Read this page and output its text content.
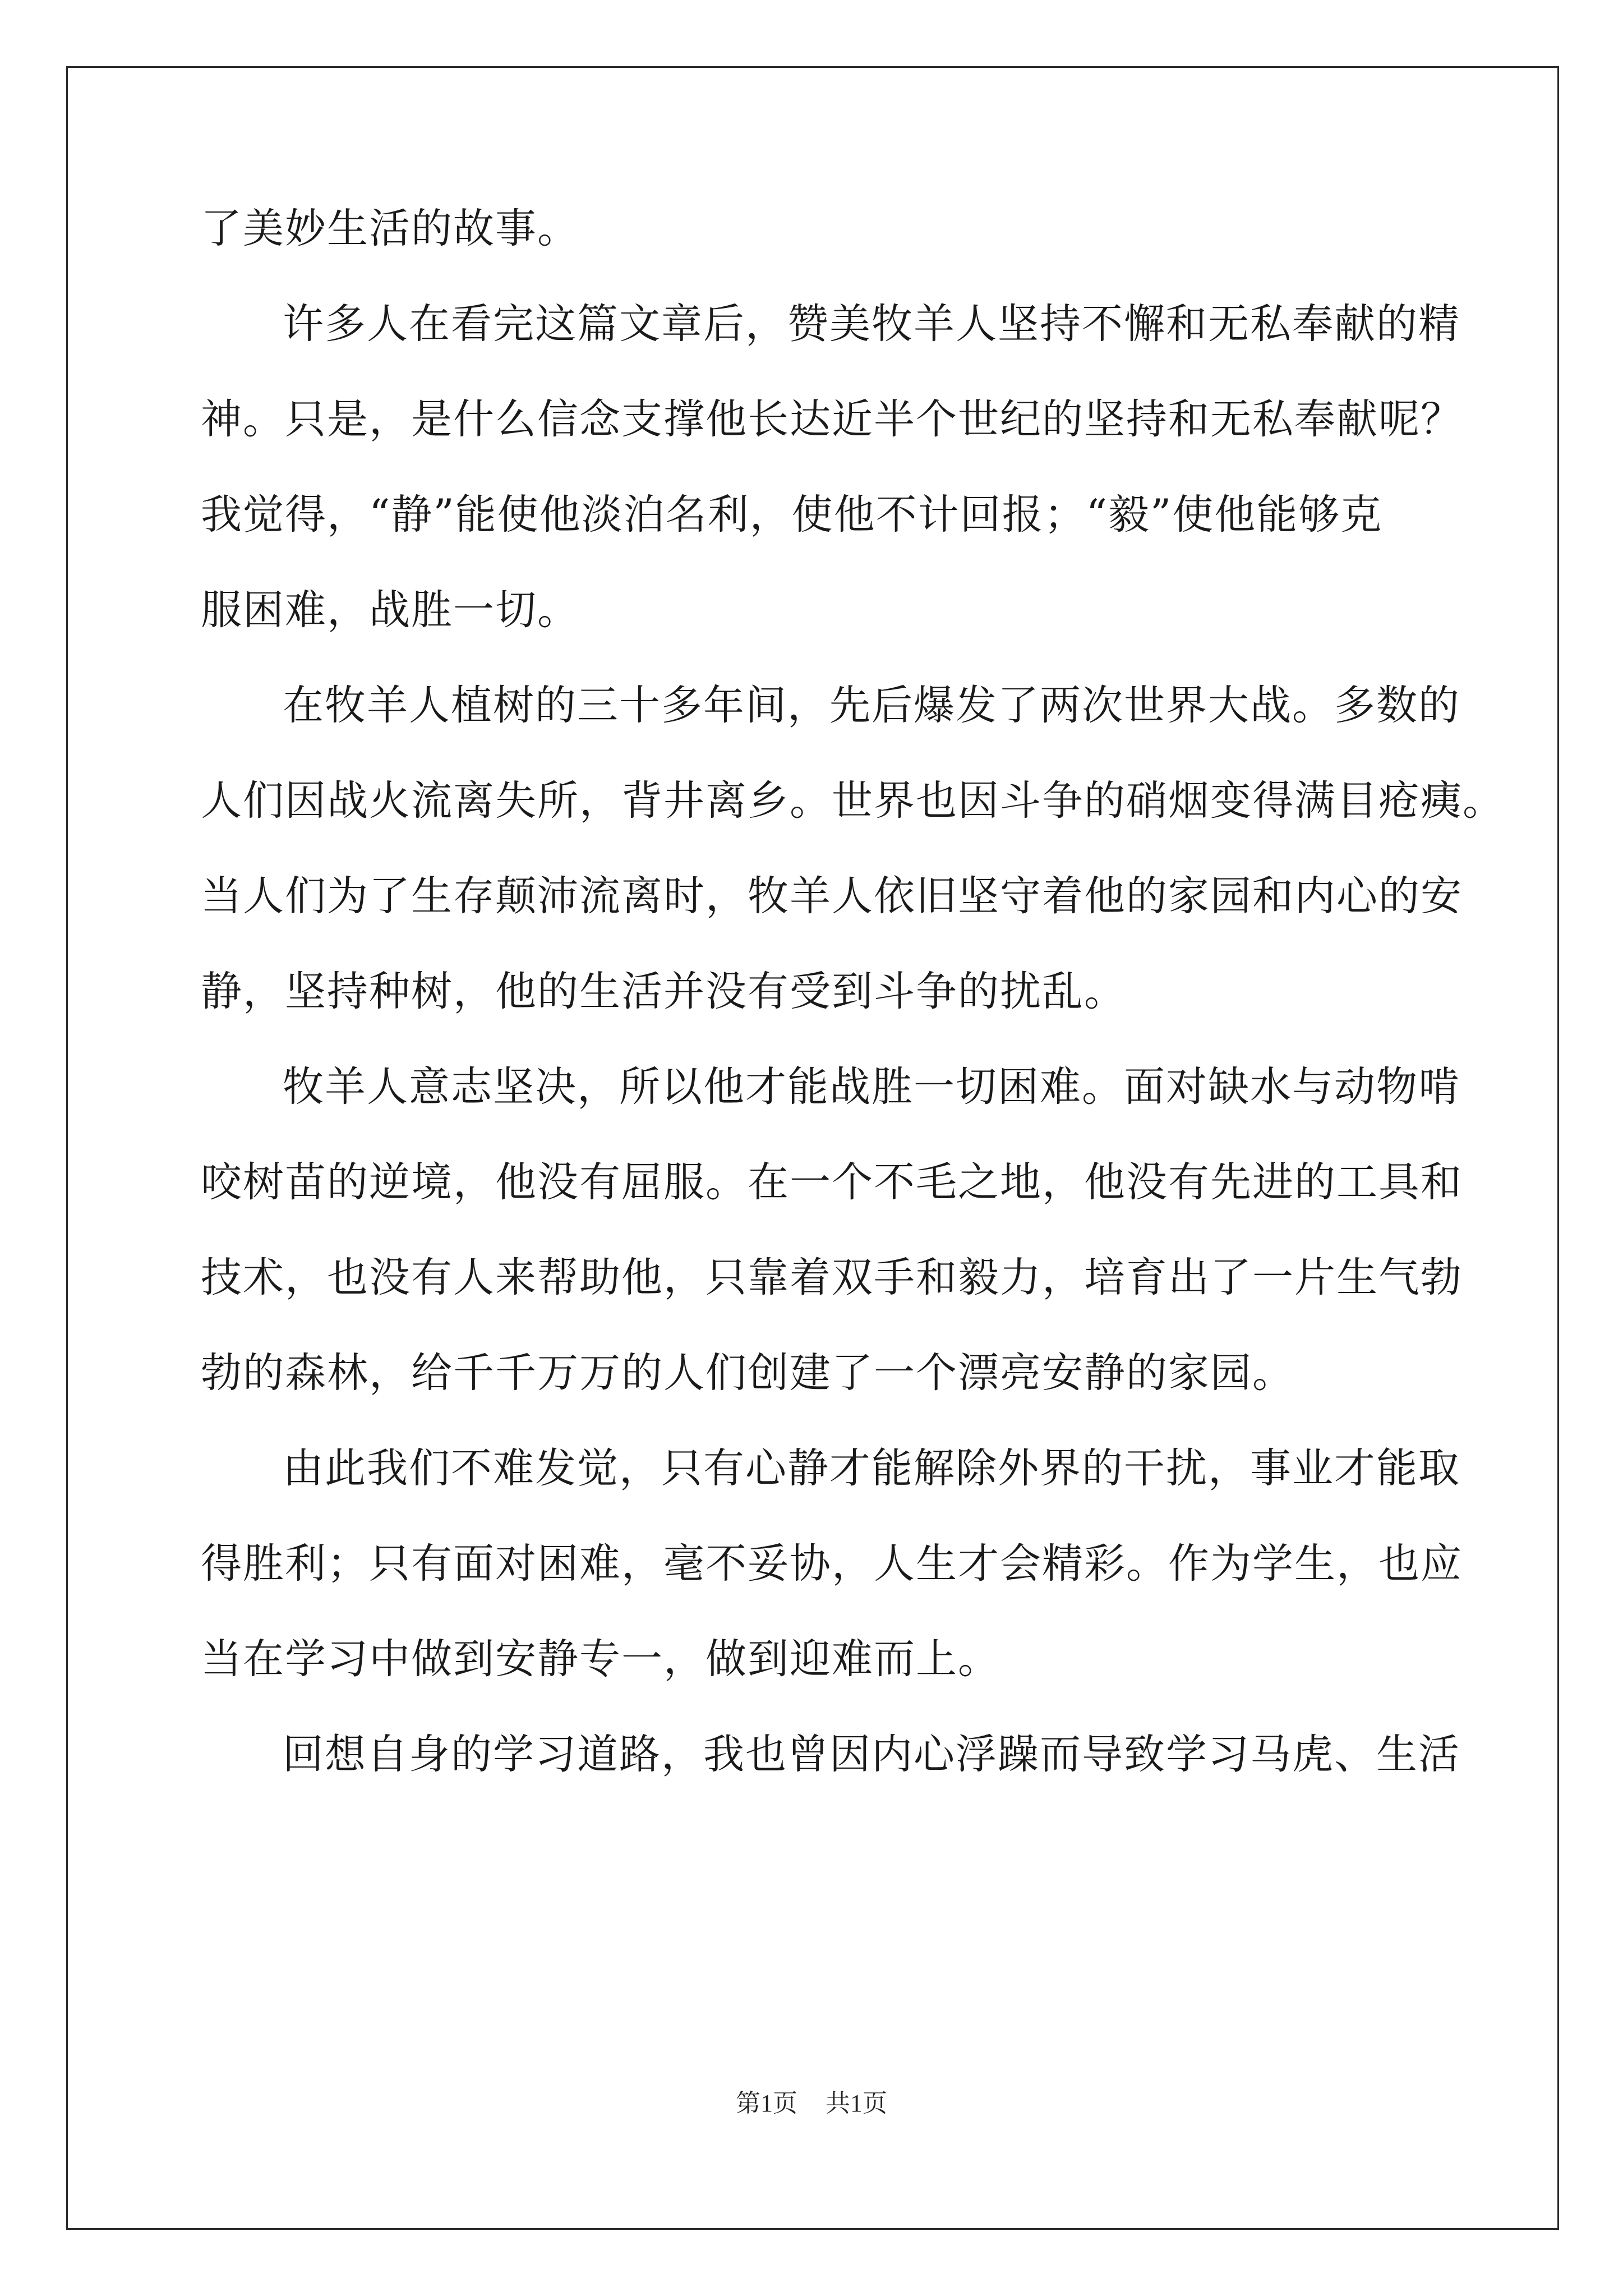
了美妙生活的故事。
许多人在看完这篇文章后，赞美牧羊人坚持不懈和无私奉献的精
神。只是，是什么信念支撑他长达近半个世纪的坚持和无私奉献呢？
我觉得，“静”能使他淡泊名利，使他不计回报；“毅”使他能够克
服困难，战胜一切。
在牧羊人植树的三十多年间，先后爆发了两次世界大战。多数的
人们因战火流离失所，背井离乡。世界也因斗争的硝烟变得满目疮痍。
当人们为了生存颠沛流离时，牧羊人依旧坚守着他的家园和内心的安
静，坚持种树，他的生活并没有受到斗争的扰乱。
牧羊人意志坚决，所以他才能战胜一切困难。面对缺水与动物啃
咬树苗的逆境，他没有屈服。在一个不毛之地，他没有先进的工具和
技术，也没有人来帮助他，只靠着双手和毅力，培育出了一片生气勃
勃的森林，给千千万万的人们创建了一个漂亮安静的家园。
由此我们不难发觉，只有心静才能解除外界的干扰，事业才能取
得胜利；只有面对困难，毫不妥协，人生才会精彩。作为学生，也应
当在学习中做到安静专一，做到迎难而上。
回想自身的学习道路，我也曾因内心浮躁而导致学习马虎、生活
第1页 共1页
